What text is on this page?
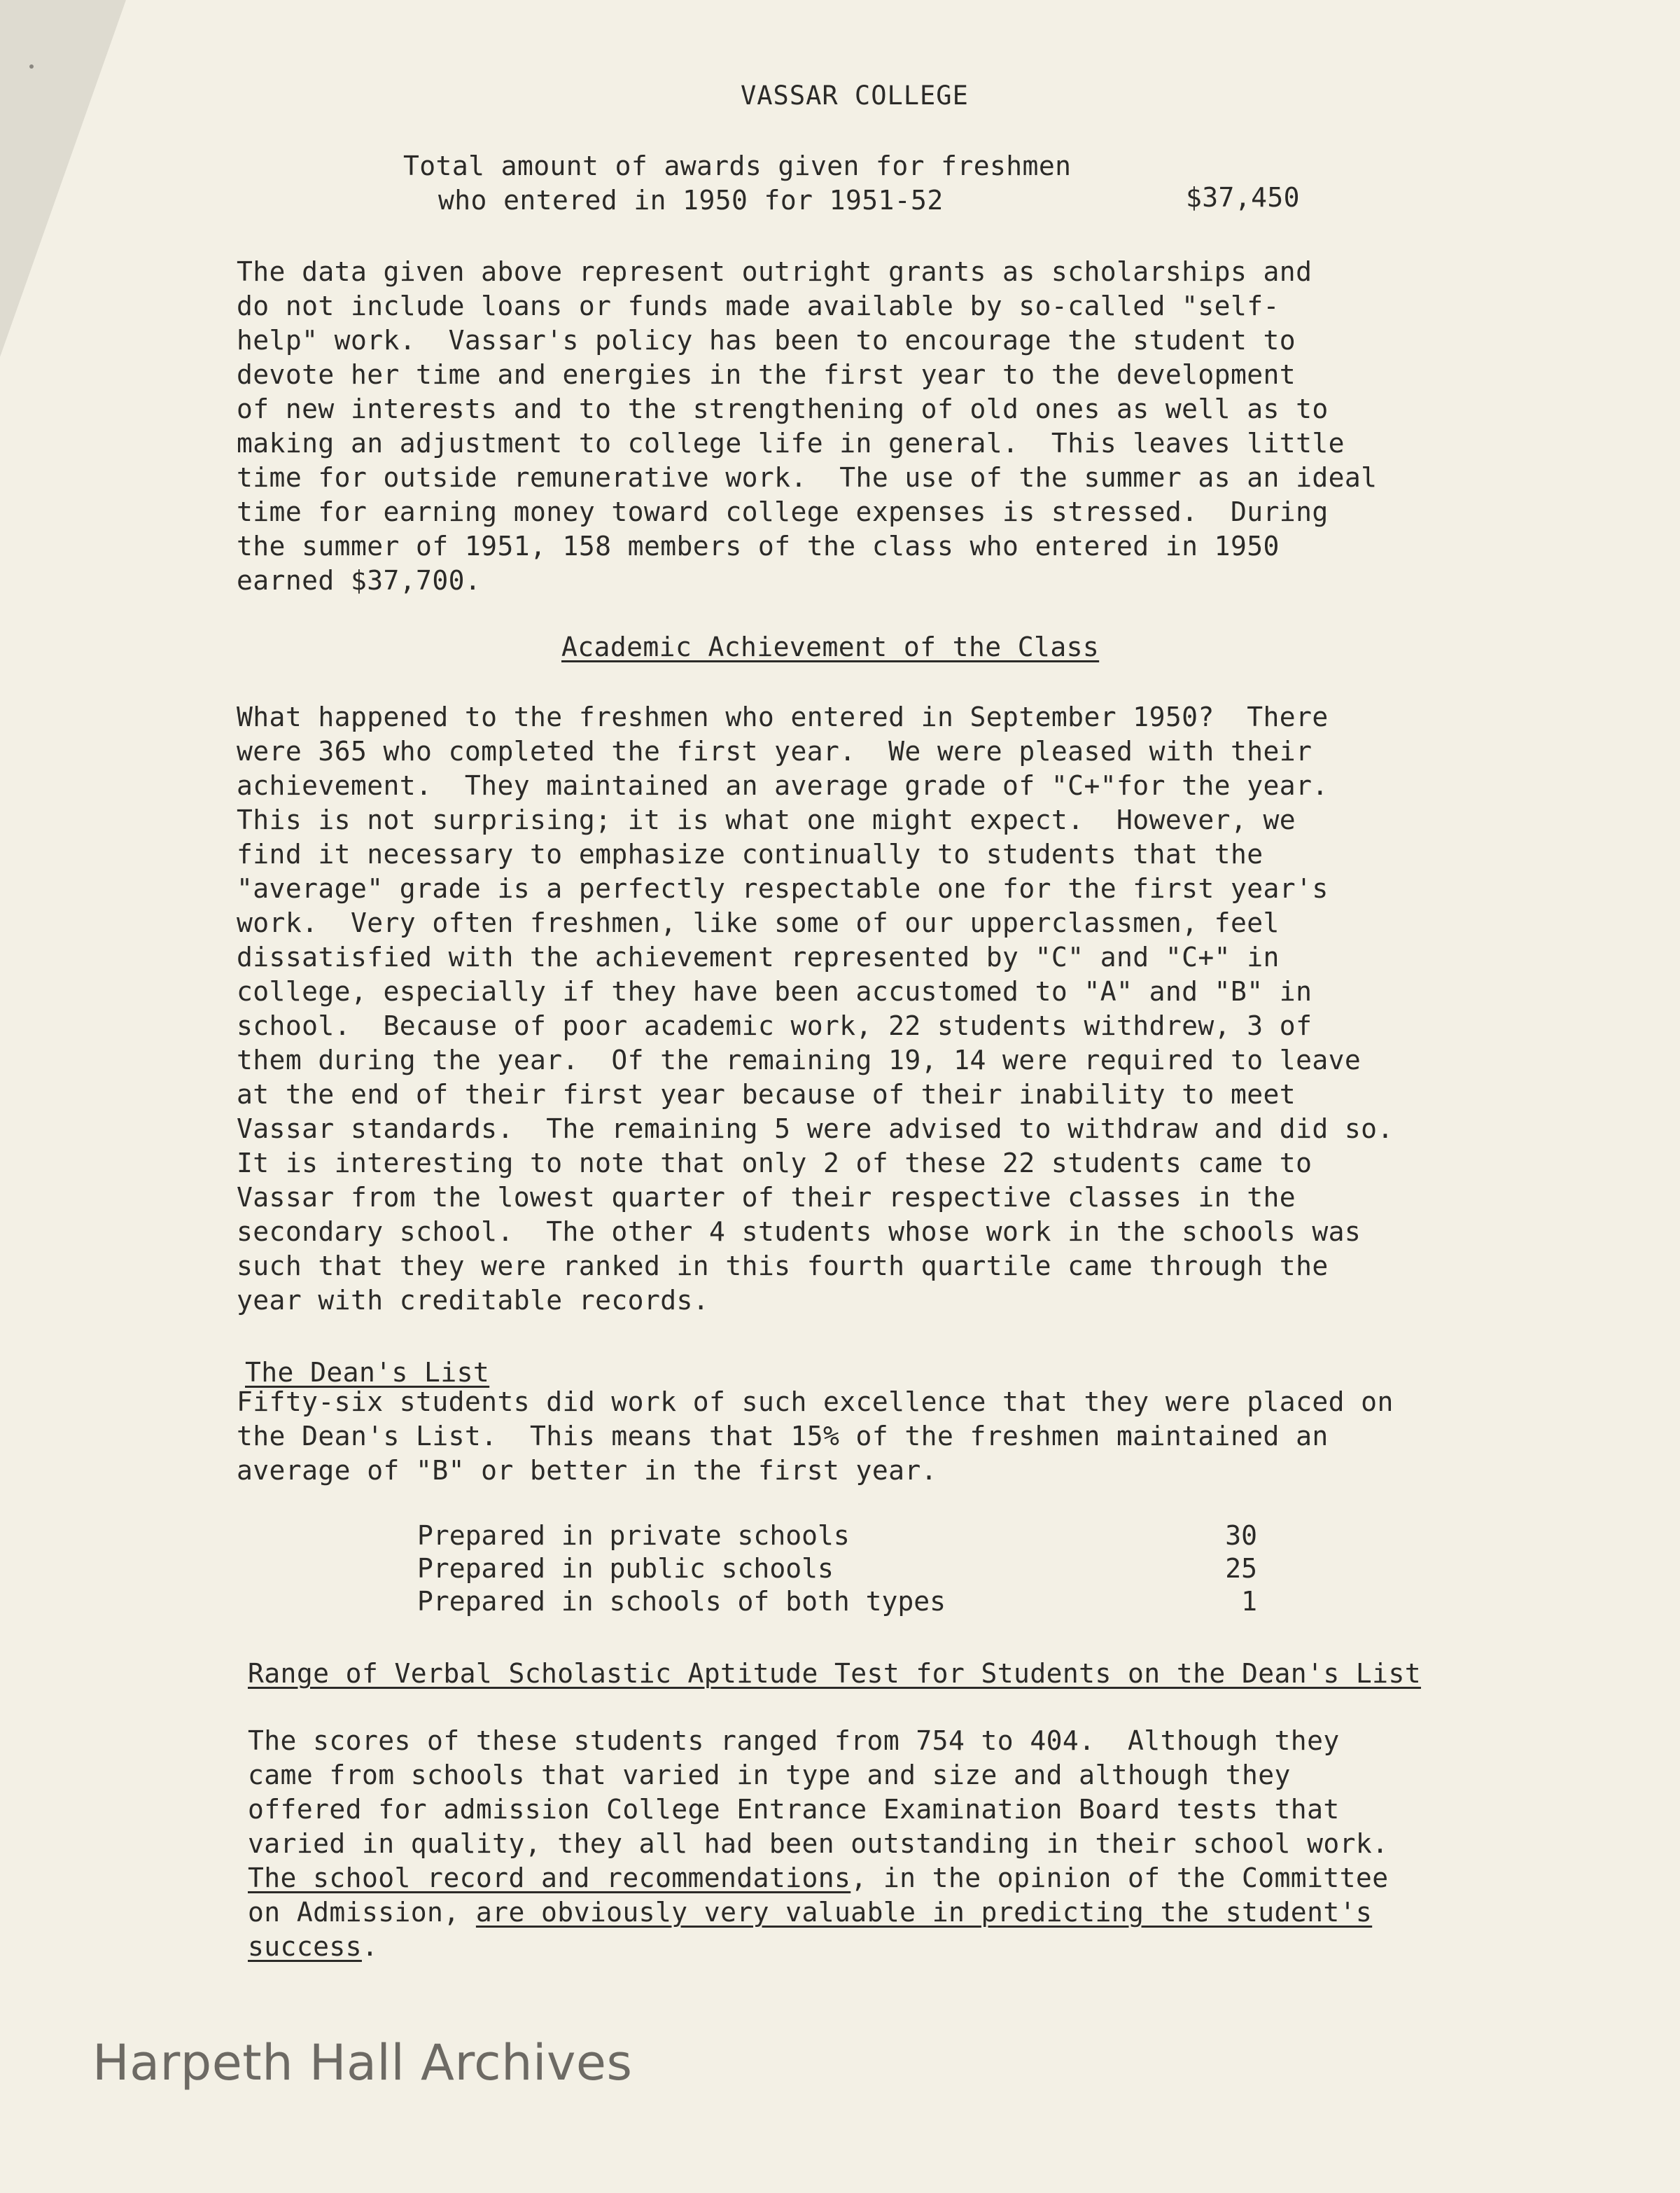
VASSAR COLLEGE
Total amount of awards given for freshmen
who entered in 1950 for 1951-52	$37,450
The data given above represent outright grants as scholarships and
do not include loans or funds made available by so-called "self-
help" work.  Vassar's policy has been to encourage the student to
devote her time and energies in the first year to the development
of new interests and to the strengthening of old ones as well as to
making an adjustment to college life in general.  This leaves little
time for outside remunerative work.  The use of the summer as an ideal
time for earning money toward college expenses is stressed.  During
the summer of 1951, 158 members of the class who entered in 1950
earned $37,700.
Academic Achievement of the Class
What happened to the freshmen who entered in September 1950?  There
were 365 who completed the first year.  We were pleased with their
achievement.  They maintained an average grade of "C+"for the year.
This is not surprising; it is what one might expect.  However, we
find it necessary to emphasize continually to students that the
"average" grade is a perfectly respectable one for the first year's
work.  Very often freshmen, like some of our upperclassmen, feel
dissatisfied with the achievement represented by "C" and "C+" in
college, especially if they have been accustomed to "A" and "B" in
school.  Because of poor academic work, 22 students withdrew, 3 of
them during the year.  Of the remaining 19, 14 were required to leave
at the end of their first year because of their inability to meet
Vassar standards.  The remaining 5 were advised to withdraw and did so.
It is interesting to note that only 2 of these 22 students came to
Vassar from the lowest quarter of their respective classes in the
secondary school.  The other 4 students whose work in the schools was
such that they were ranked in this fourth quartile came through the
year with creditable records.
The Dean's List
Fifty-six students did work of such excellence that they were placed on
the Dean's List.  This means that 15% of the freshmen maintained an
average of "B" or better in the first year.
Prepared in private schools	30
Prepared in public schools	25
Prepared in schools of both types	1
Range of Verbal Scholastic Aptitude Test for Students on the Dean's List
The scores of these students ranged from 754 to 404.  Although they
came from schools that varied in type and size and although they
offered for admission College Entrance Examination Board tests that
varied in quality, they all had been outstanding in their school work.
The school record and recommendations, in the opinion of the Committee
on Admission, are obviously very valuable in predicting the student's
success.
Harpeth Hall Archives
